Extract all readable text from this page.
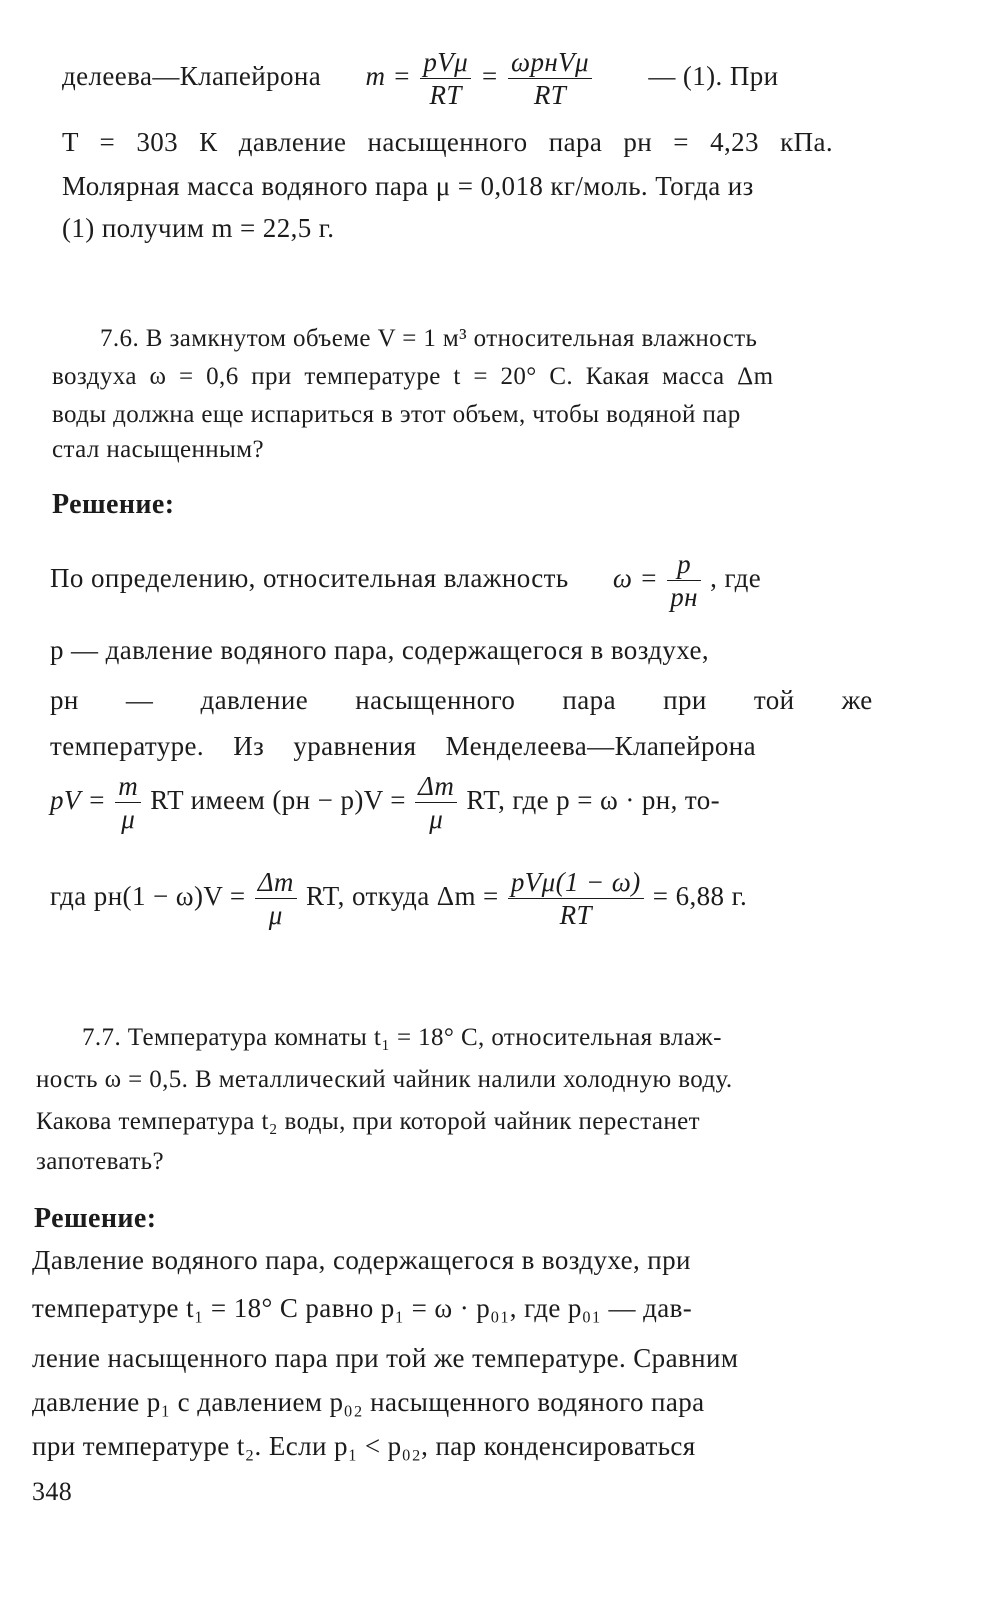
делеева—Клапейрона $m = \frac{\text{pVμ}}{RT} = \frac{\text{ωpнVμ}}{RT}$ — (1). При
T = 303 К давление насыщенного пара pн = 4,23 кПа.
Молярная масса водяного пара μ = 0,018 кг/моль. Тогда из
(1) получим m = 22,5 г.
7.6. В замкнутом объеме V = 1 м³ относительная влажность
воздуха ω = 0,6 при температуре t = 20° C. Какая масса Δm
воды должна еще испариться в этот объем, чтобы водяной пар
стал насыщенным?
Решение:
По определению, относительная влажность $\omega = \frac{p}{pн}$ , где
p — давление водяного пара, содержащегося в воздухе,
pн — давление насыщенного пара при той же
температуре. Из уравнения Менделеева—Клапейрона
pV = $\frac{m}{\mu}$ RT имеем $(pн - p)V = \frac{\Delta m}{\mu}$ RT, где p = ω · pн, то-
гда $pн(1 - \omega)V = \frac{\Delta m}{\mu}$ RT, откуда $\Delta m = \frac{\text{pVμ(1 − ω)}}{RT} = 6,88$ г.
7.7. Температура комнаты t₁ = 18° C, относительная влаж-
ность ω = 0,5. В металлический чайник налили холодную воду.
Какова температура t₂ воды, при которой чайник перестанет
запотевать?
Решение:
Давление водяного пара, содержащегося в воздухе, при
температуре t₁ = 18° C равно p₁ = ω · p₀₁, где p₀₁ — дав-
ление насыщенного пара при той же температуре. Сравним
давление p₁ с давлением p₀₂ насыщенного водяного пара
при температуре t₂. Если p₁ < p₀₂, пар конденсироваться
348
